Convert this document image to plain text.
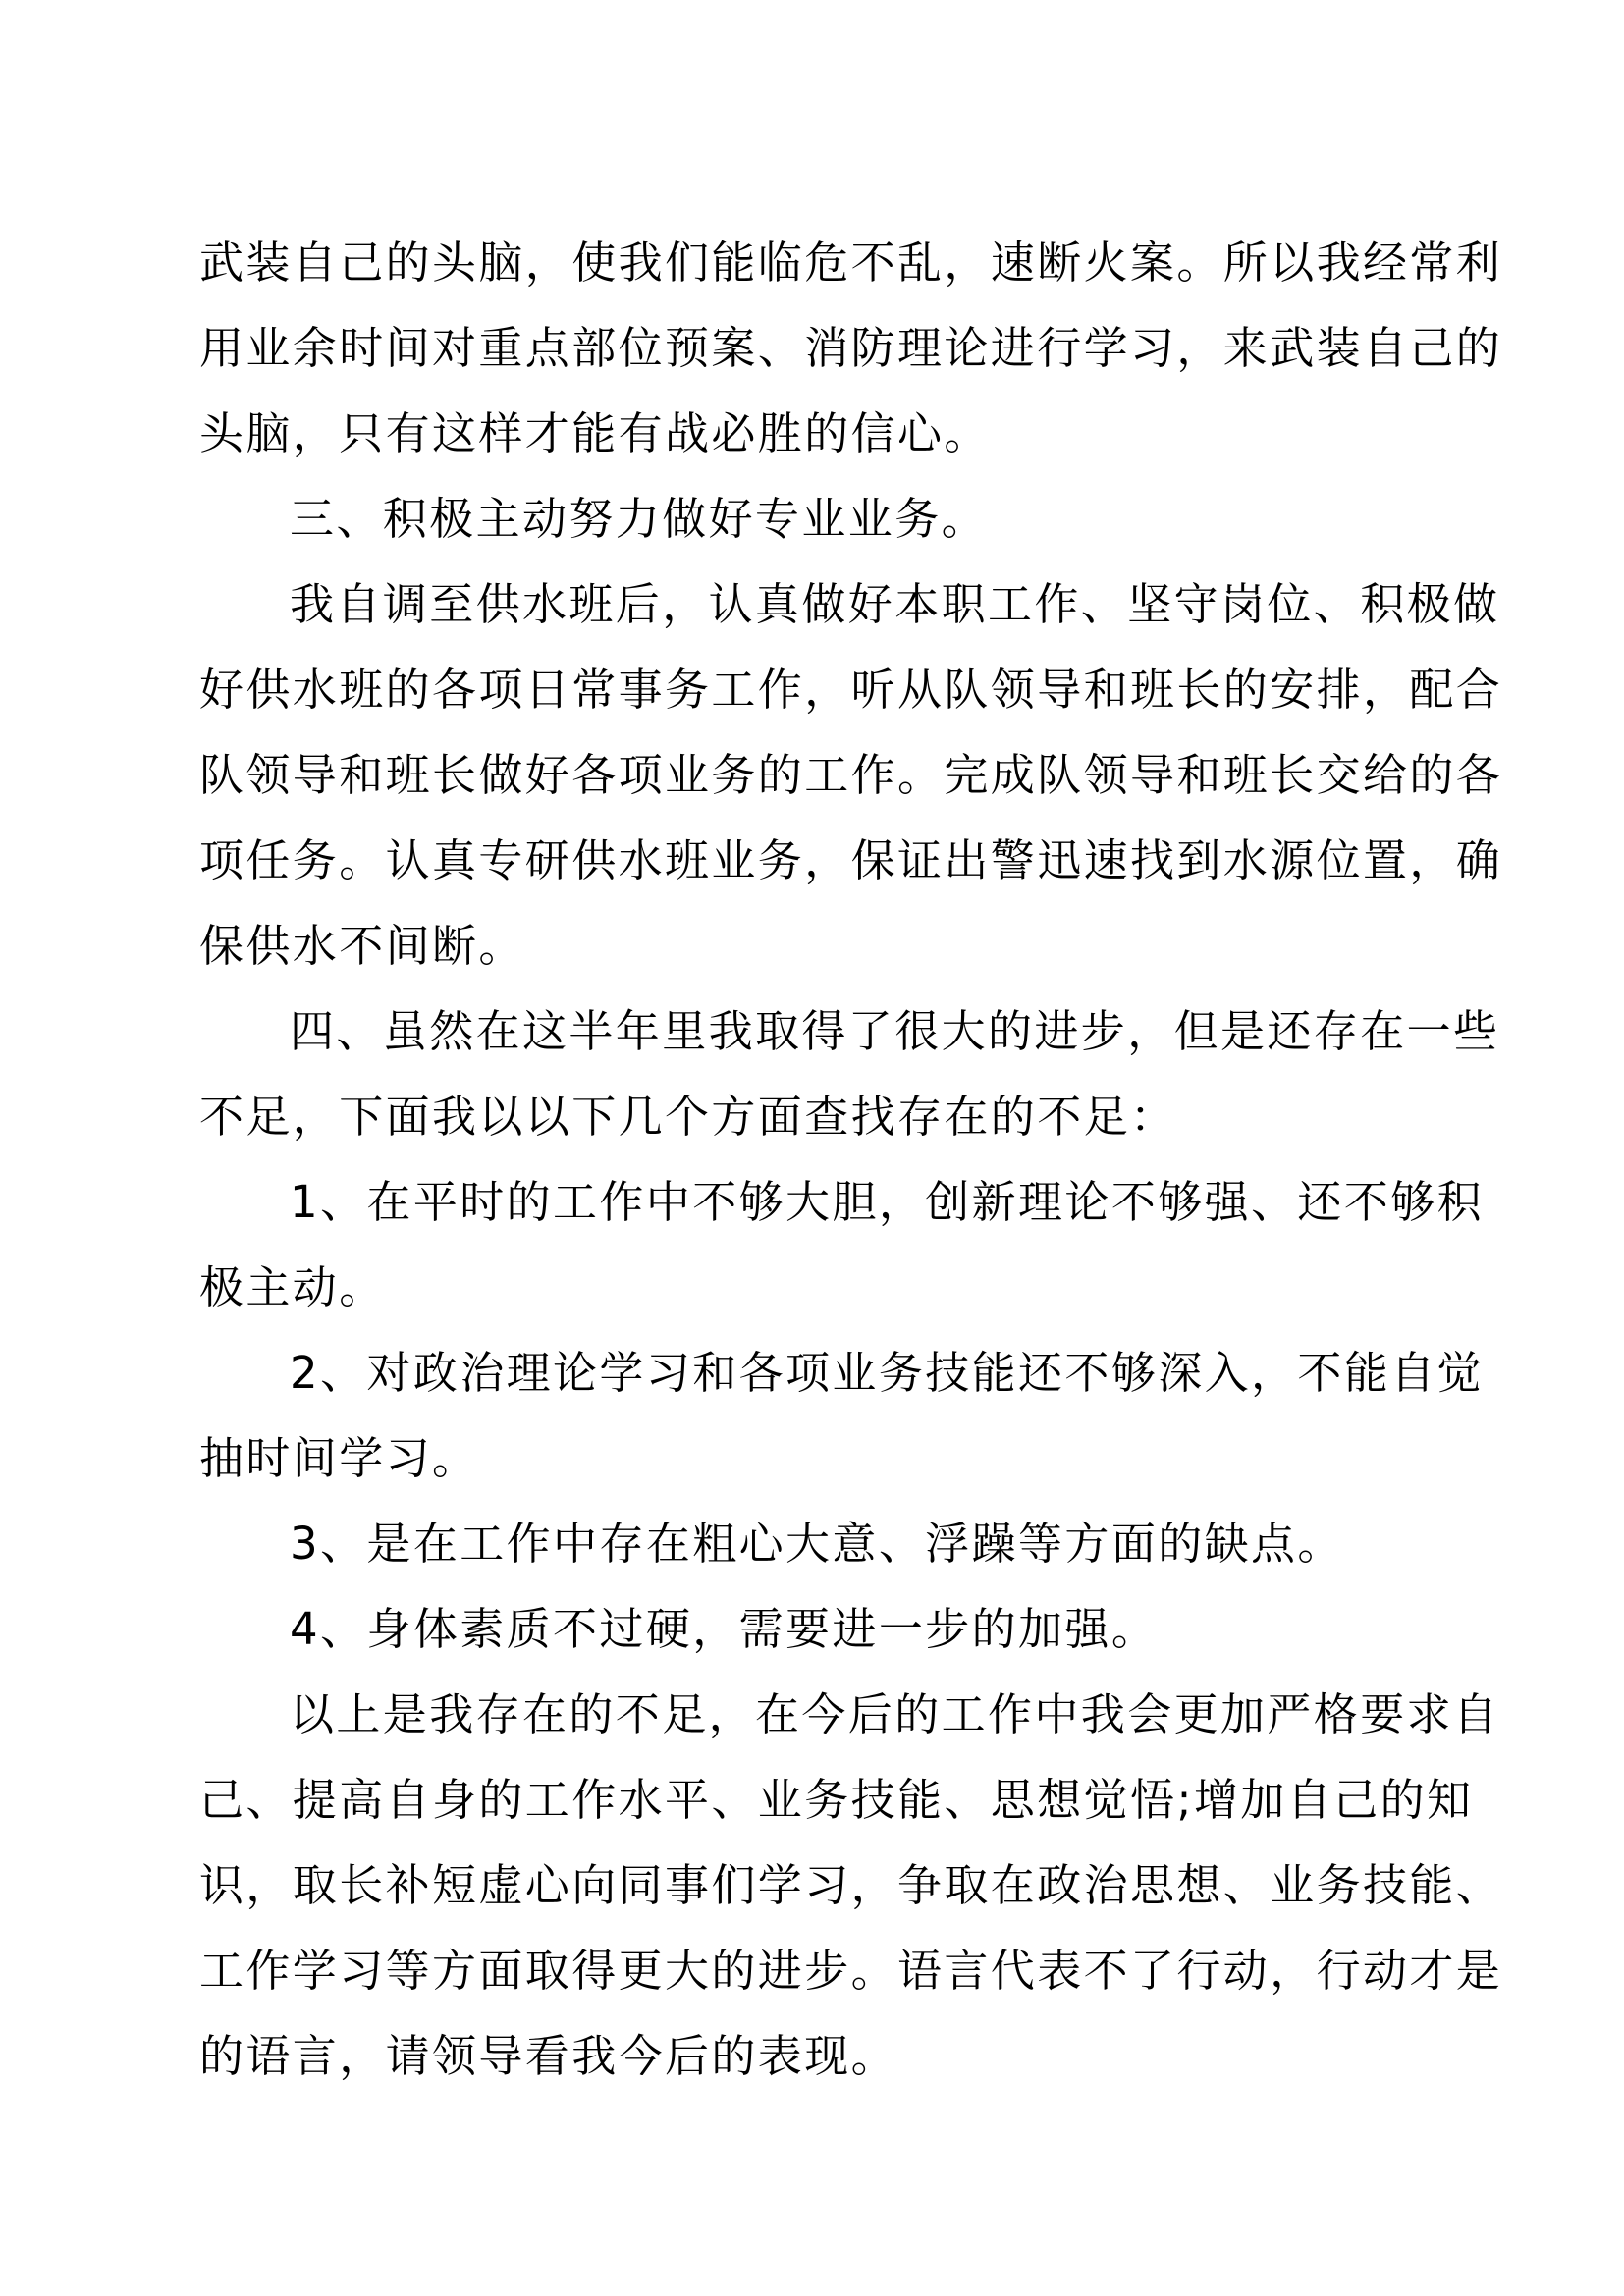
武装自己的头脑，使我们能临危不乱，速断火案。所以我经常利
用业余时间对重点部位预案、消防理论进行学习，来武装自己的
头脑，只有这样才能有战必胜的信心。
三、积极主动努力做好专业业务。
我自调至供水班后，认真做好本职工作、坚守岗位、积极做
好供水班的各项日常事务工作，听从队领导和班长的安排，配合
队领导和班长做好各项业务的工作。完成队领导和班长交给的各
项任务。认真专研供水班业务，保证出警迅速找到水源位置，确
保供水不间断。
四、虽然在这半年里我取得了很大的进步，但是还存在一些
不足，下面我以以下几个方面查找存在的不足：
1、在平时的工作中不够大胆，创新理论不够强、还不够积
极主动。
2、对政治理论学习和各项业务技能还不够深入，不能自觉
抽时间学习。
3、是在工作中存在粗心大意、浮躁等方面的缺点。
4、身体素质不过硬，需要进一步的加强。
以上是我存在的不足，在今后的工作中我会更加严格要求自
己、提高自身的工作水平、业务技能、思想觉悟;增加自己的知
识，取长补短虚心向同事们学习，争取在政治思想、业务技能、
工作学习等方面取得更大的进步。语言代表不了行动，行动才是
的语言，请领导看我今后的表现。
